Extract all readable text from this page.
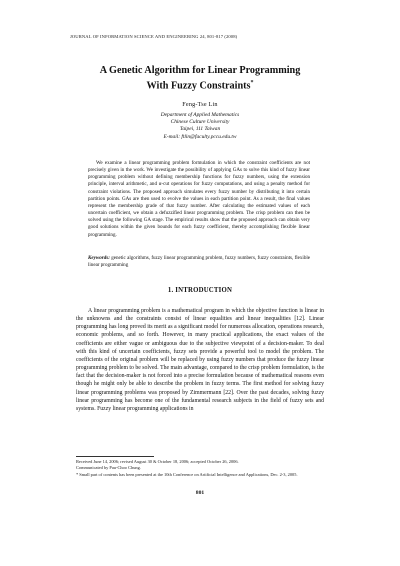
JOURNAL OF INFORMATION SCIENCE AND ENGINEERING 24, 801-817 (2008)
A Genetic Algorithm for Linear Programming
With Fuzzy Constraints*
Feng-Tse Lin
Department of Applied Mathematics
Chinese Culture University
Taipei, 111 Taiwan
E-mail: ftlin@faculty.pccu.edu.tw

We examine a linear programming problem formulation in which the constraint coefficients are not precisely given in the work. We investigate the possibility of applying GAs to solve this kind of fuzzy linear programming problem without defining membership functions for fuzzy numbers, using the extension principle, interval arithmetic, and α-cut operations for fuzzy computations, and using a penalty method for constraint violations. The proposed approach simulates every fuzzy number by distributing it into certain partition points. GAs are then used to evolve the values in each partition point. As a result, the final values represent the membership grade of that fuzzy number. After calculating the estimated values of each uncertain coefficient, we obtain a defuzzified linear programming problem. The crisp problem can then be solved using the following GA stage. The empirical results show that the proposed approach can obtain very good solutions within the given bounds for each fuzzy coefficient, thereby accomplishing flexible linear programming.

Keywords: genetic algorithms, fuzzy linear programming problem, fuzzy numbers, fuzzy constraints, flexible linear programming

1. INTRODUCTION

A linear programming problem is a mathematical program in which the objective function is linear in the unknowns and the constraints consist of linear equalities and linear inequalities [12]. Linear programming has long proved its merit as a significant model for numerous allocation, operations research, economic problems, and so forth. However, in many practical applications, the exact values of the coefficients are either vague or ambiguous due to the subjective viewpoint of a decision-maker. To deal with this kind of uncertain coefficients, fuzzy sets provide a powerful tool to model the problem. The coefficients of the original problem will be replaced by using fuzzy numbers that produce the fuzzy linear programming problem to be solved. The main advantage, compared to the crisp problem formulation, is the fact that the decision-maker is not forced into a precise formulation because of mathematical reasons even though he might only be able to describe the problem in fuzzy terms. The first method for solving fuzzy linear programming problems was proposed by Zimmermann [22]. Over the past decades, solving fuzzy linear programming has become one of the fundamental research subjects in the field of fuzzy sets and systems. Fuzzy linear programming applications in

Received June 14, 2006; revised August 30 & October 18, 2006; accepted October 26, 2006.

Communicated by Pau-Choo Chung.

* Small part of contents has been presented at the 10th Conference on Artificial Intelligence and Applications, Dec. 2-3, 2005.

801
